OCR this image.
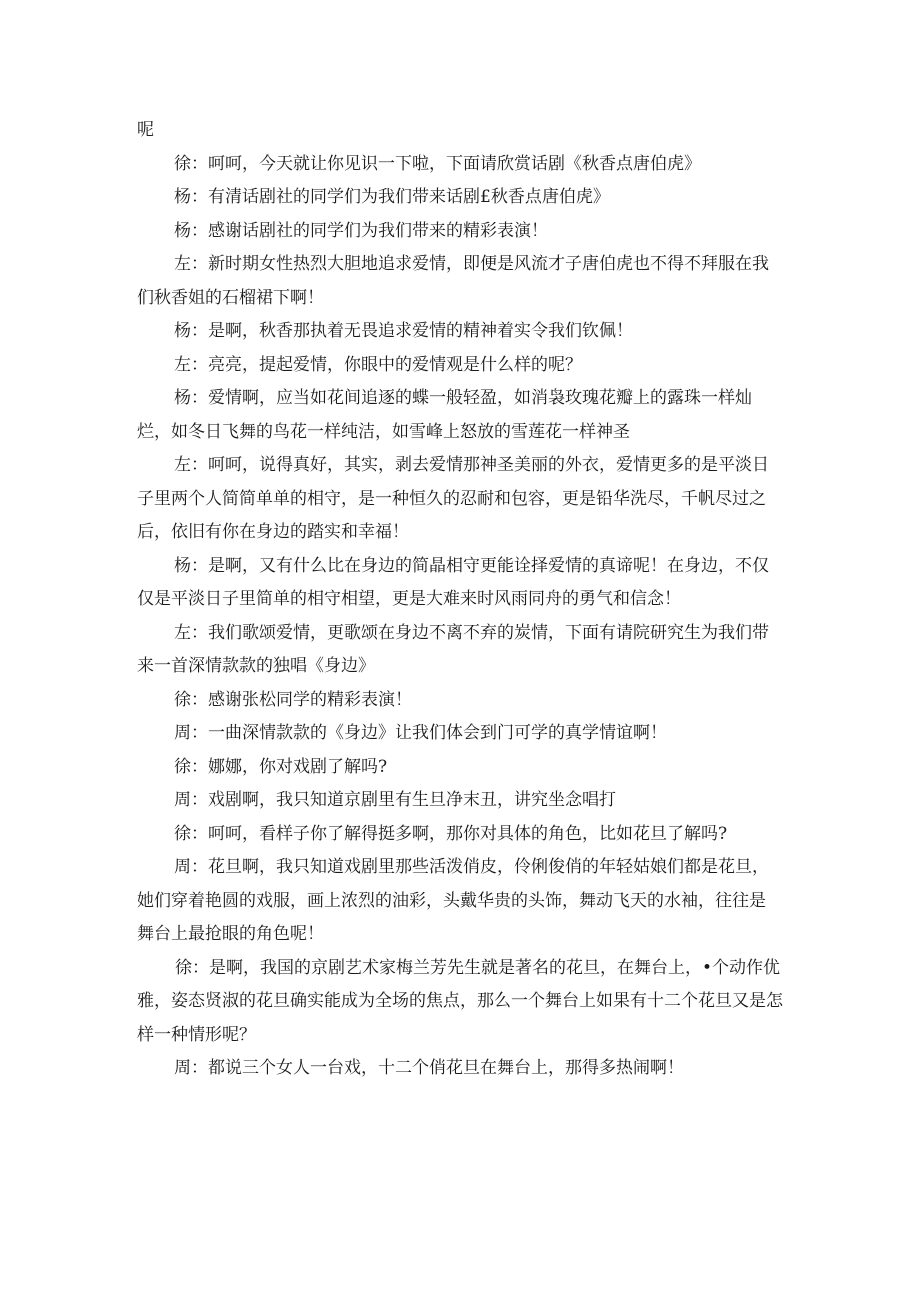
呢

徐：呵呵，今天就让你见识一下啦，下面请欣赏话剧《秋香点唐伯虎》

杨：有清话剧社的同学们为我们带来话剧£秋香点唐伯虎》

杨：感谢话剧社的同学们为我们带来的精彩表演！

左：新时期女性热烈大胆地追求爱情，即便是风流才子唐伯虎也不得不拜服在我

们秋香姐的石榴裙下啊！

杨：是啊，秋香那执着无畏追求爱情的精神着实令我们钦佩！

左：亮亮，提起爱情，你眼中的爱情观是什么样的呢？

杨：爱情啊，应当如花间追逐的蝶一般轻盈，如消袅玫瑰花瓣上的露珠一样灿

烂，如冬日飞舞的鸟花一样纯洁，如雪峰上怒放的雪莲花一样神圣

左：呵呵，说得真好，其实，剥去爱情那神圣美丽的外衣，爱情更多的是平淡日

子里两个人简简单单的相守，是一种恒久的忍耐和包容，更是铅华洗尽，千帆尽过之

后，依旧有你在身边的踏实和幸福！

杨：是啊，又有什么比在身边的简晶相守更能诠择爱情的真谛呢！在身边，不仅

仅是平淡日子里简单的相守相望，更是大难来时风雨同舟的勇气和信念！

左：我们歌颂爱情，更歌颂在身边不离不弃的炭情，下面有请院研究生为我们带

来一首深情款款的独唱《身边》

徐：感谢张松同学的精彩表演！

周：一曲深情款款的《身边》让我们体会到门可学的真学情谊啊！

徐：娜娜，你对戏剧了解吗?

周：戏剧啊，我只知道京剧里有生旦净末丑，讲究坐念唱打

徐：呵呵，看样子你了解得挺多啊，那你对具体的角色，比如花旦了解吗?

周：花旦啊，我只知道戏剧里那些活泼俏皮，伶俐俊俏的年轻姑娘们都是花旦，

她们穿着艳圆的戏服，画上浓烈的油彩，头戴华贵的头饰，舞动飞天的水袖，往往是

舞台上最抢眼的角色呢！

徐：是啊，我国的京剧艺术家梅兰芳先生就是著名的花旦，在舞台上，•个动作优

雅，姿态贤淑的花旦确实能成为全场的焦点，那么一个舞台上如果有十二个花旦又是怎

样一种情形呢？

周：都说三个女人一台戏，十二个俏花旦在舞台上，那得多热闹啊！
